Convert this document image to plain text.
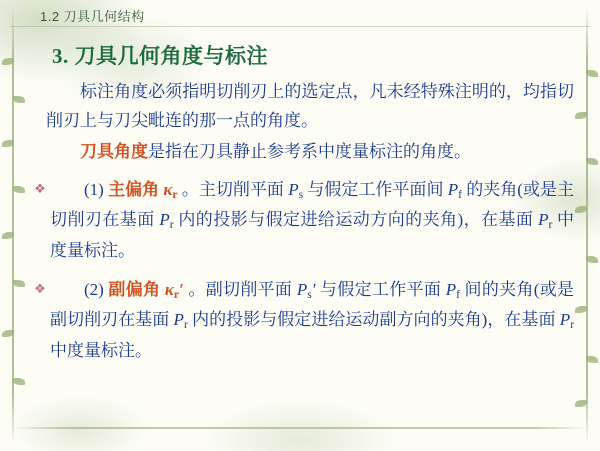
1.2 刀具几何结构
3. 刀具几何角度与标注

标注角度必须指明切削刃上的选定点，凡未经特殊注明的，均指切削刃上与刀尖毗连的那一点的角度。

刀具角度是指在刀具静止参考系中度量标注的角度。

❖	(1) 主偏角 $\kappa_r$ 。主切削平面 $P_s$ 与假定工作平面间 $P_f$ 的夹角(或是主切削刃在基面 $P_r$ 内的投影与假定进给运动方向的夹角)，在基面 $P_r$ 中度量标注。
❖	(2) 副偏角 $\kappa_r'$ 。副切削平面 $P_s'$ 与假定工作平面 $P_f$ 间的夹角(或是副切削刃在基面 $P_r$ 内的投影与假定进给运动副方向的夹角)，在基面 $P_r$ 中度量标注。
